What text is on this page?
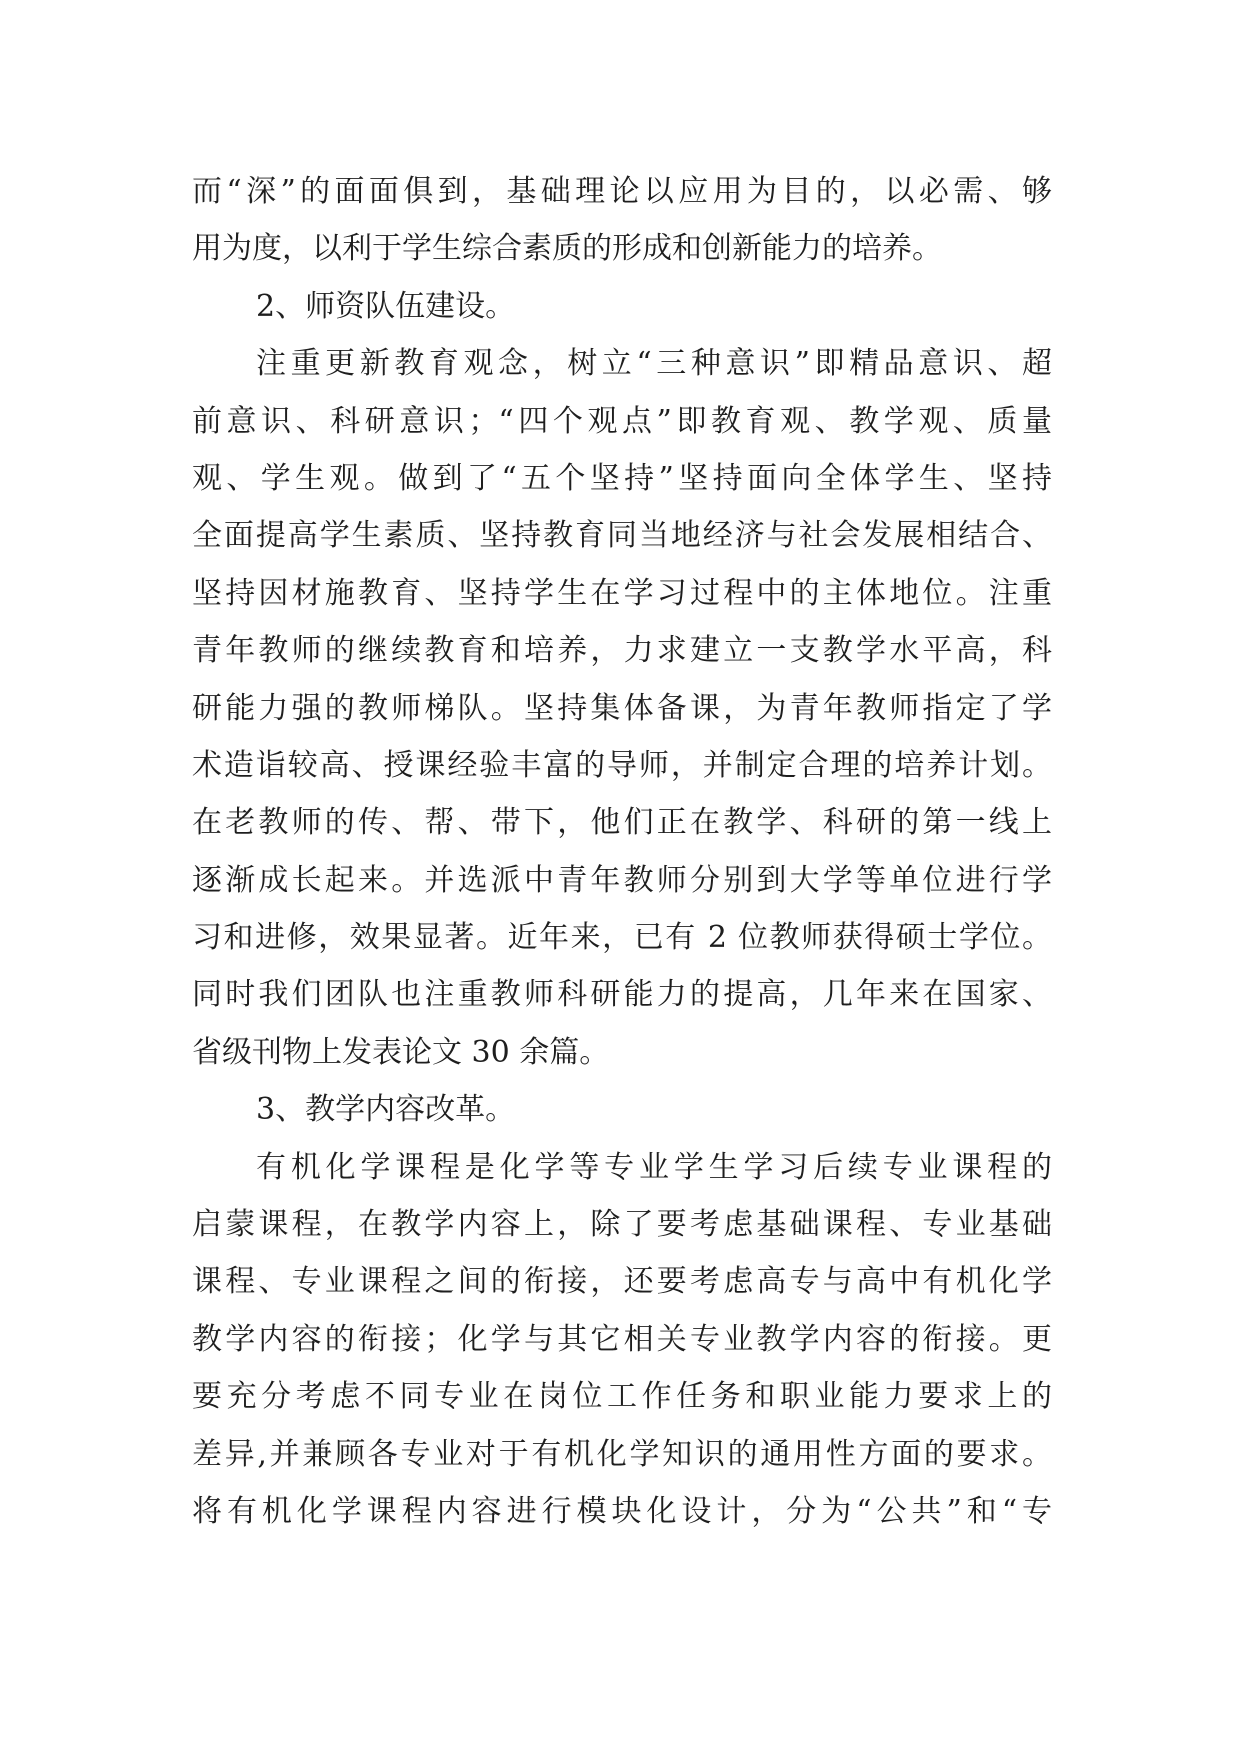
而“深”的面面俱到，基础理论以应用为目的，以必需、够
用为度，以利于学生综合素质的形成和创新能力的培养。
2、师资队伍建设。
注重更新教育观念，树立“三种意识”即精品意识、超
前意识、科研意识；“四个观点”即教育观、教学观、质量
观、学生观。做到了“五个坚持”坚持面向全体学生、坚持
全面提高学生素质、坚持教育同当地经济与社会发展相结合、
坚持因材施教育、坚持学生在学习过程中的主体地位。注重
青年教师的继续教育和培养，力求建立一支教学水平高，科
研能力强的教师梯队。坚持集体备课，为青年教师指定了学
术造诣较高、授课经验丰富的导师，并制定合理的培养计划。
在老教师的传、帮、带下，他们正在教学、科研的第一线上
逐渐成长起来。并选派中青年教师分别到大学等单位进行学
习和进修，效果显著。近年来，已有 2 位教师获得硕士学位。
同时我们团队也注重教师科研能力的提高，几年来在国家、
省级刊物上发表论文 30 余篇。
3、教学内容改革。
有机化学课程是化学等专业学生学习后续专业课程的
启蒙课程，在教学内容上，除了要考虑基础课程、专业基础
课程、专业课程之间的衔接，还要考虑高专与高中有机化学
教学内容的衔接；化学与其它相关专业教学内容的衔接。更
要充分考虑不同专业在岗位工作任务和职业能力要求上的
差异,并兼顾各专业对于有机化学知识的通用性方面的要求。
将有机化学课程内容进行模块化设计，分为“公共”和“专
